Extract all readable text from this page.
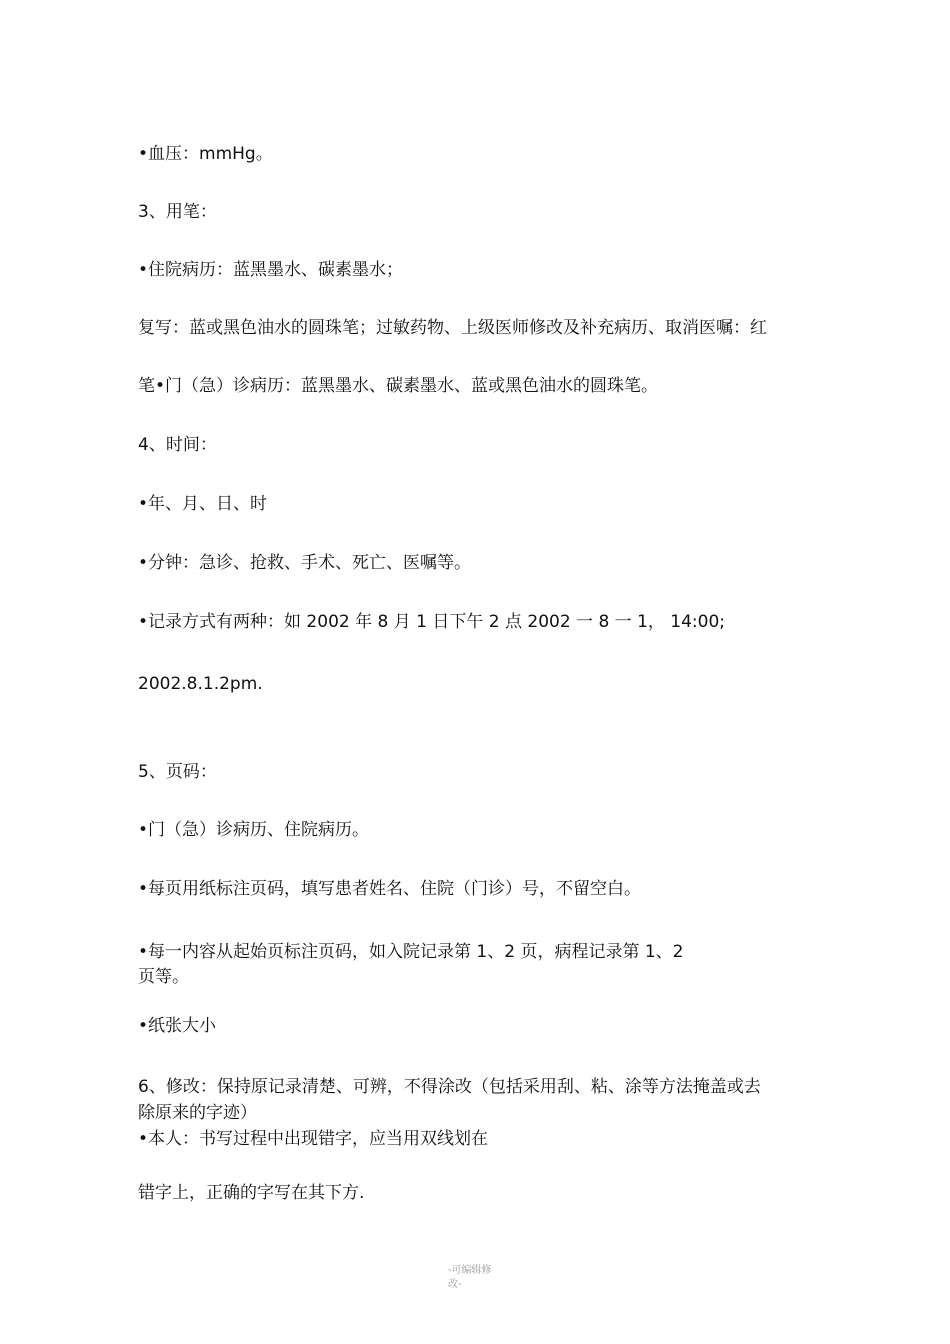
•血压：mmHg。
3、用笔：
•住院病历：蓝黑墨水、碳素墨水；
复写：蓝或黑色油水的圆珠笔；过敏药物、上级医师修改及补充病历、取消医嘱：红
笔•门（急）诊病历：蓝黑墨水、碳素墨水、蓝或黑色油水的圆珠笔。
4、时间：
•年、月、日、时
•分钟：急诊、抢救、手术、死亡、医嘱等。
•记录方式有两种：如 2002 年 8 月 1 日下午 2 点 2002 一 8 一 1， 14:00;
2002.8.1.2pm.
5、页码：
•门（急）诊病历、住院病历。
•每页用纸标注页码，填写患者姓名、住院（门诊）号，不留空白。
•每一内容从起始页标注页码，如入院记录第 1、2 页，病程记录第 1、2
页等。
•纸张大小
6、修改：保持原记录清楚、可辨，不得涂改（包括采用刮、粘、涂等方法掩盖或去
除原来的字迹）
•本人：书写过程中出现错字，应当用双线划在
错字上，正确的字写在其下方.
-可编辑修
改-
